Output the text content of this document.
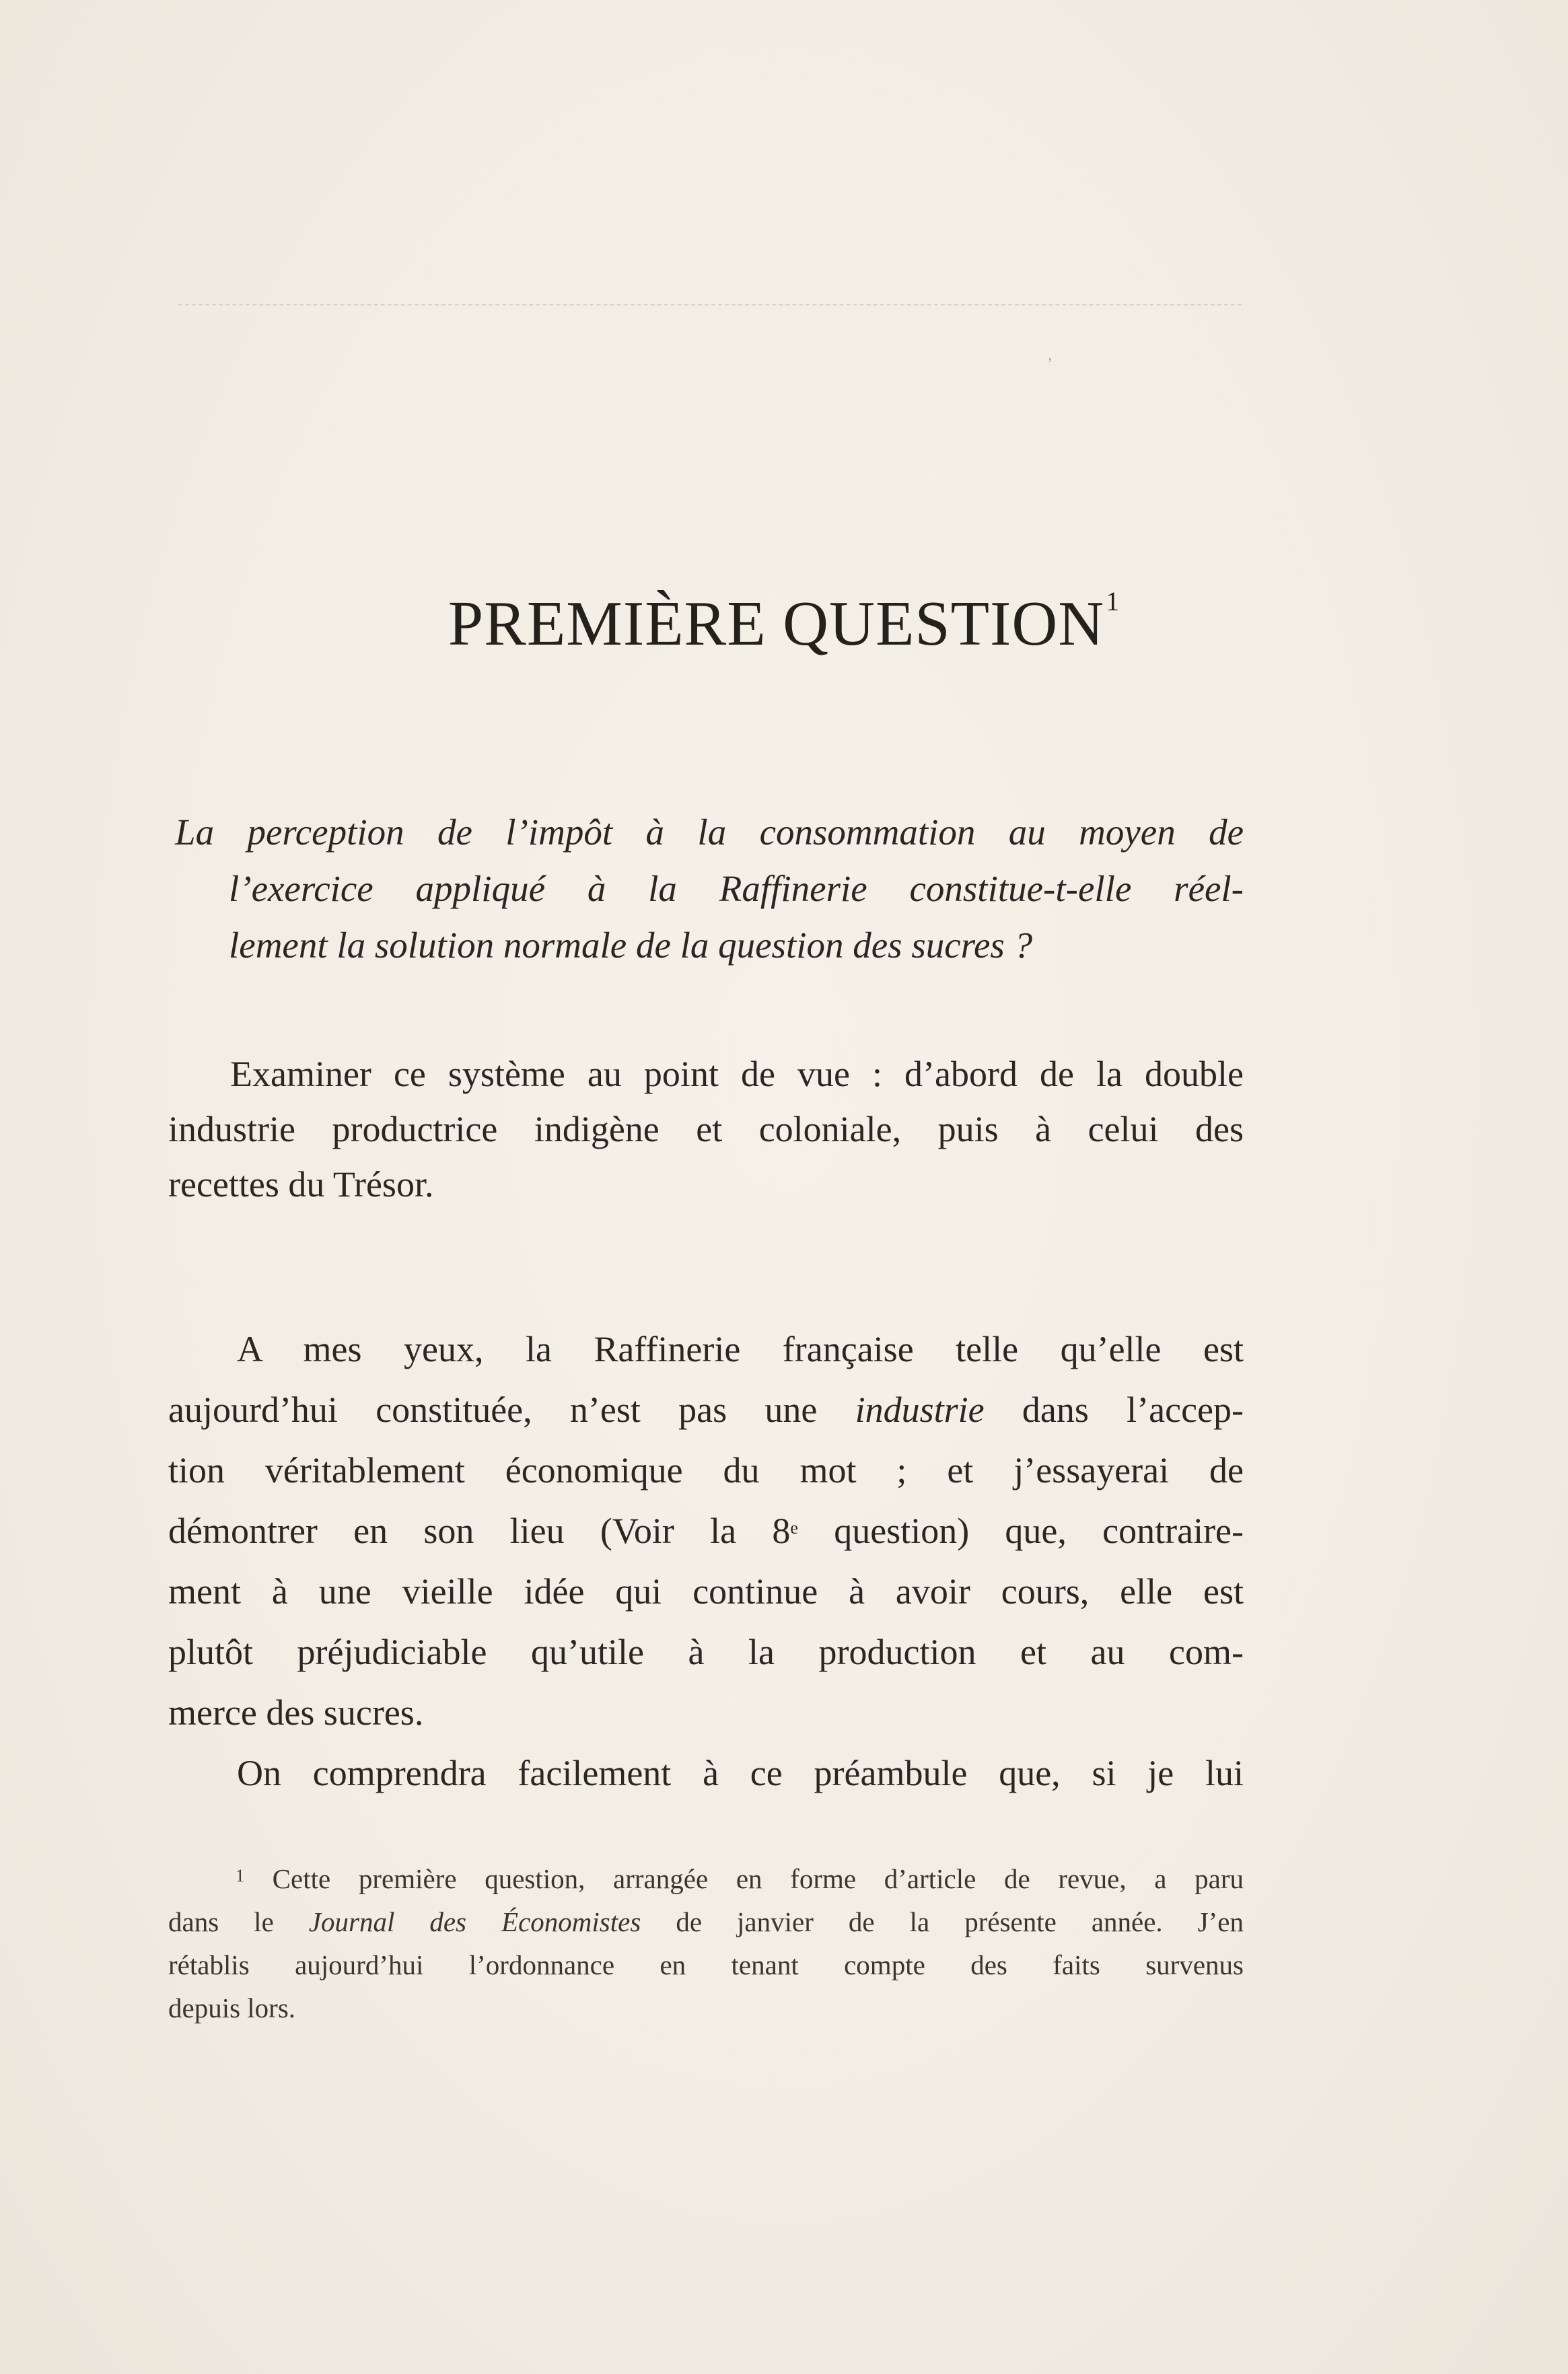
ʼ
PREMIÈRE QUESTION$^1$
La perception de l’impôt à la consommation au moyen de
l’exercice appliqué à la Raffinerie constitue-t-elle réel-
lement la solution normale de la question des sucres ?
Examiner ce système au point de vue : d’abord de la double
industrie productrice indigène et coloniale, puis à celui des
recettes du Trésor.
A mes yeux, la Raffinerie française telle qu’elle est
aujourd’hui constituée, n’est pas une industrie dans l’accep-
tion véritablement économique du mot ; et j’essayerai de
démontrer en son lieu (Voir la 8e question) que, contraire-
ment à une vieille idée qui continue à avoir cours, elle est
plutôt préjudiciable qu’utile à la production et au com-
merce des sucres.
On comprendra facilement à ce préambule que, si je lui
$^1$ Cette première question, arrangée en forme d’article de revue, a paru
dans le Journal des Économistes de janvier de la présente année. J’en
rétablis aujourd’hui l’ordonnance en tenant compte des faits survenus
depuis lors.
